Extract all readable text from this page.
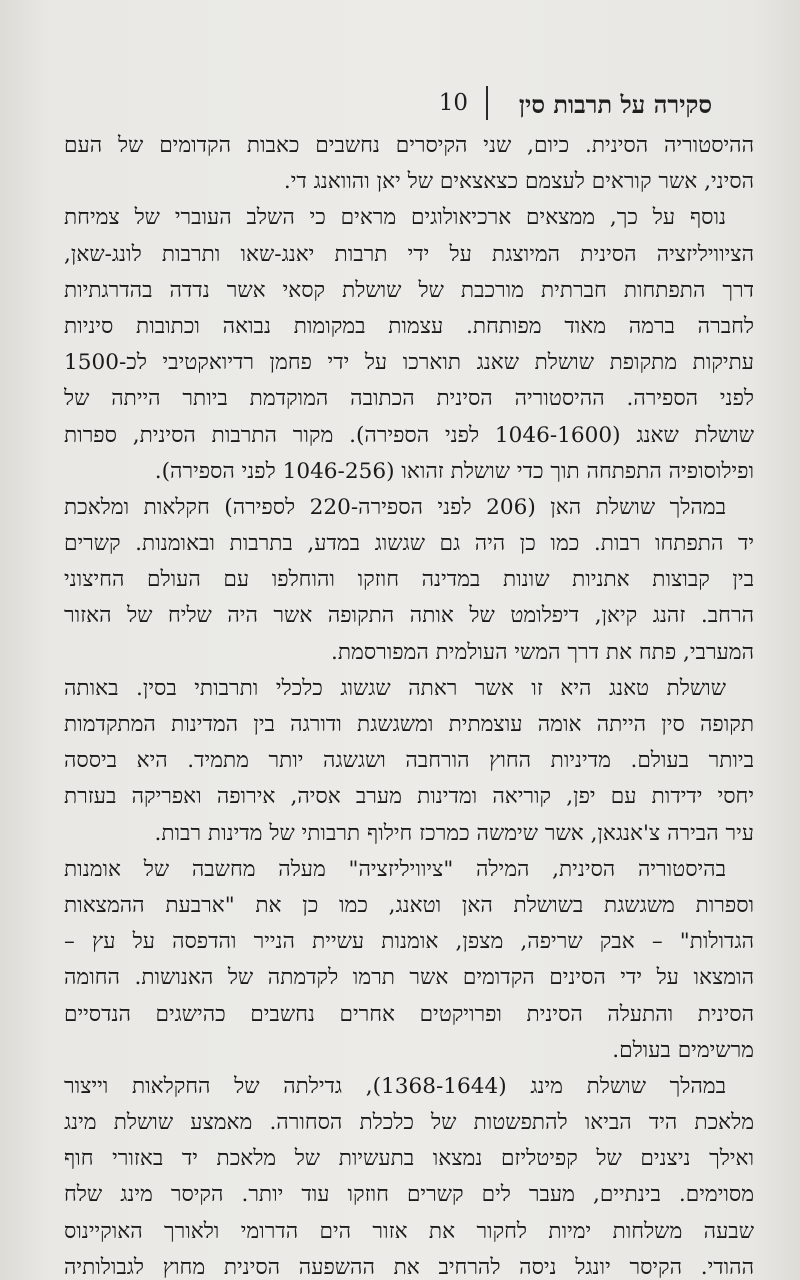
סקירה על תרבות סין
10
ההיסטוריה הסינית. כיום, שני הקיסרים נחשבים כאבות הקדומים של העם
הסיני, אשר קוראים לעצמם כצאצאים של יאן והוואנג די.
נוסף על כך, ממצאים ארכיאולוגים מראים כי השלב העוברי של צמיחת
הציוויליזציה הסינית המיוצגת על ידי תרבות יאנג-שאו ותרבות לונג-שאן,
דרך התפתחות חברתית מורכבת של שושלת קסאי אשר נדדה בהדרגתיות
לחברה ברמה מאוד מפותחת. עצמות במקומות נבואה וכתובות סיניות
עתיקות מתקופת שושלת שאנג תוארכו על ידי פחמן רדיואקטיבי לכ-1500
לפני הספירה. ההיסטוריה הסינית הכתובה המוקדמת ביותר הייתה של
שושלת שאנג (1046-1600 לפני הספירה). מקור התרבות הסינית, ספרות
ופילוסופיה התפתחה תוך כדי שושלת זהואו (1046-256 לפני הספירה).
במהלך שושלת האן (206 לפני הספירה-220 לספירה) חקלאות ומלאכת
יד התפתחו רבות. כמו כן היה גם שגשוג במדע, בתרבות ובאומנות. קשרים
בין קבוצות אתניות שונות במדינה חוזקו והוחלפו עם העולם החיצוני
הרחב. זהנג קיאן, דיפלומט של אותה התקופה אשר היה שליח של האזור
המערבי, פתח את דרך המשי העולמית המפורסמת.
שושלת טאנג היא זו אשר ראתה שגשוג כלכלי ותרבותי בסין. באותה
תקופה סין הייתה אומה עוצמתית ומשגשגת ודורגה בין המדינות המתקדמות
ביותר בעולם. מדיניות החוץ הורחבה ושגשגה יותר מתמיד. היא ביססה
יחסי ידידות עם יפן, קוריאה ומדינות מערב אסיה, אירופה ואפריקה בעזרת
עיר הבירה צ'אנגאן, אשר שימשה כמרכז חילוף תרבותי של מדינות רבות.
בהיסטוריה הסינית, המילה "ציוויליזציה" מעלה מחשבה של אומנות
וספרות משגשגת בשושלת האן וטאנג, כמו כן את "ארבעת ההמצאות
הגדולות" – אבק שריפה, מצפן, אומנות עשיית הנייר והדפסה על עץ –
הומצאו על ידי הסינים הקדומים אשר תרמו לקדמתה של האנושות. החומה
הסינית והתעלה הסינית ופרויקטים אחרים נחשבים כהישגים הנדסיים
מרשימים בעולם.
במהלך שושלת מינג (1368-1644), גדילתה של החקלאות וייצור
מלאכת היד הביאו להתפשטות של כלכלת הסחורה. מאמצע שושלת מינג
ואילך ניצנים של קפיטליזם נמצאו בתעשיות של מלאכת יד באזורי חוף
מסוימים. בינתיים, מעבר לים קשרים חוזקו עוד יותר. הקיסר מינג שלח
שבעה משלחות ימיות לחקור את אזור הים הדרומי ולאורך האוקיינוס
ההודי. הקיסר יונגל ניסה להרחיב את ההשפעה הסינית מחוץ לגבולותיה
